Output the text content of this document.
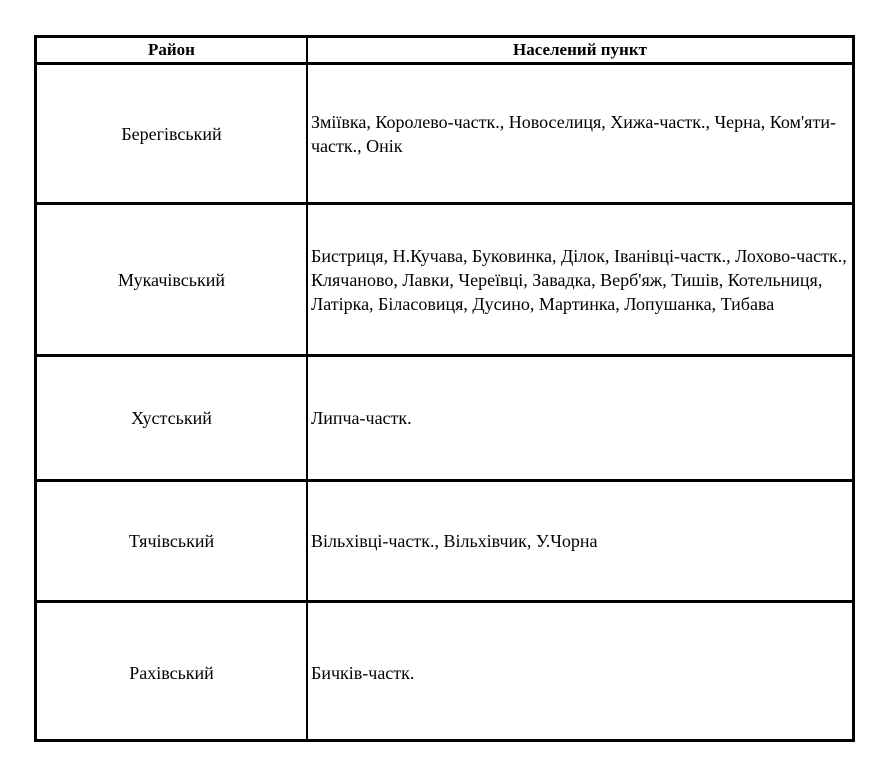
Район	Населений пункт
Берегівський	Зміївка, Королево-частк., Новоселиця, Хижа-частк., Черна, Ком'яти-частк., Онік
Мукачівський	Бистриця, Н.Кучава, Буковинка, Ділок, Іванівці-частк., Лохово-частк., Клячаново, Лавки, Череївці, Завадка, Верб'яж, Тишів, Котельниця, Латірка, Біласовиця, Дусино, Мартинка, Лопушанка, Тибава
Хустський	Липча-частк.
Тячівський	Вільхівці-частк., Вільхівчик, У.Чорна
Рахівський	Бичків-частк.
